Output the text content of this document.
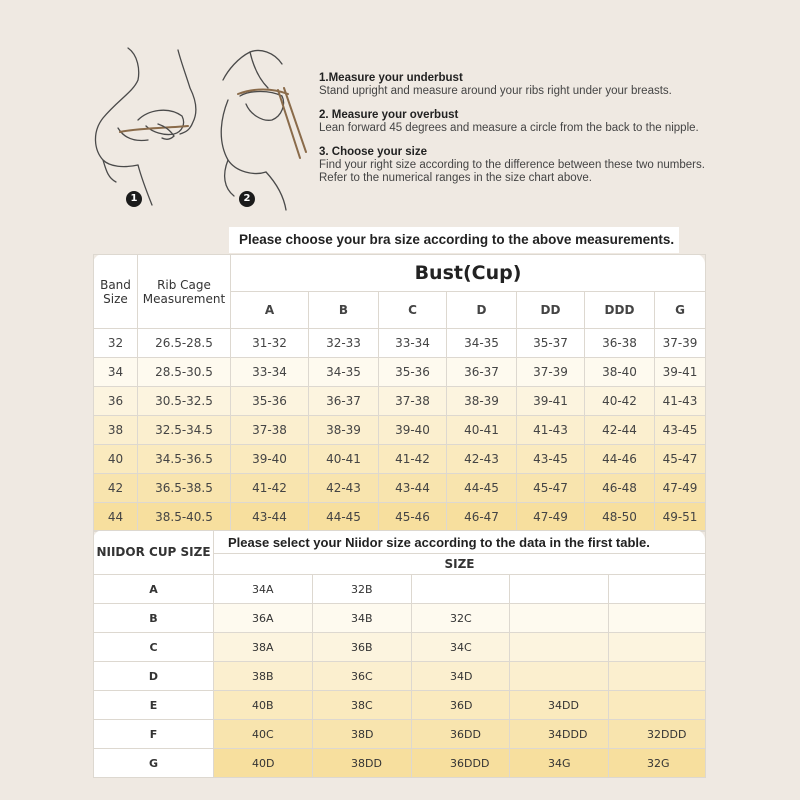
1	2
1.Measure your underbust
Stand upright and measure around your ribs right under your breasts.
2. Measure your overbust
Lean forward 45 degrees and measure a circle from the back to the nipple.
3. Choose your size
Find your right size according to the difference between these two numbers.
Refer to the numerical ranges in the size chart above.
Please choose your bra size according to the above measurements.
Band Size	Rib Cage Measurement	Bust(Cup)						
		A	B	C	D	DD	DDD	G
32	26.5-28.5	31-32	32-33	33-34	34-35	35-37	36-38	37-39
34	28.5-30.5	33-34	34-35	35-36	36-37	37-39	38-40	39-41
36	30.5-32.5	35-36	36-37	37-38	38-39	39-41	40-42	41-43
38	32.5-34.5	37-38	38-39	39-40	40-41	41-43	42-44	43-45
40	34.5-36.5	39-40	40-41	41-42	42-43	43-45	44-46	45-47
42	36.5-38.5	41-42	42-43	43-44	44-45	45-47	46-48	47-49
44	38.5-40.5	43-44	44-45	45-46	46-47	47-49	48-50	49-51
NIIDOR CUP SIZE	Please select your Niidor size according to the data in the first table.				
	SIZE				
A	34A	32B			
B	36A	34B	32C		
C	38A	36B	34C		
D	38B	36C	34D		
E	40B	38C	36D	34DD	
F	40C	38D	36DD	34DDD	32DDD
G	40D	38DD	36DDD	34G	32G
